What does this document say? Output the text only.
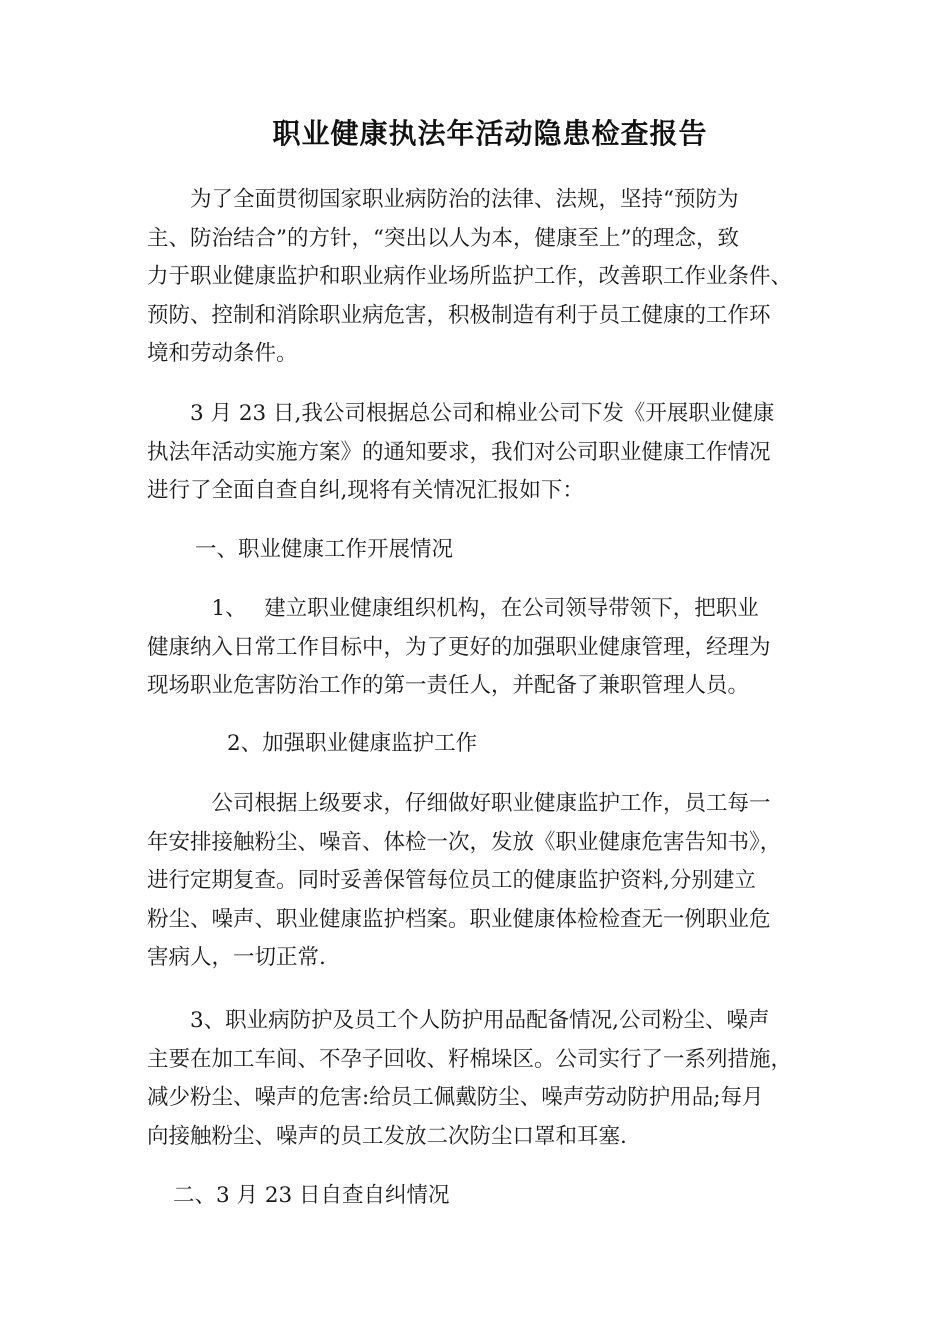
职业健康执法年活动隐患检查报告

　　为了全面贯彻国家职业病防治的法律、法规，坚持“预防为
主、防治结合”的方针，“突出以人为本，健康至上”的理念，致
力于职业健康监护和职业病作业场所监护工作，改善职工作业条件、
预防、控制和消除职业病危害，积极制造有利于员工健康的工作环
境和劳动条件。

　　3 月 23 日,我公司根据总公司和棉业公司下发《开展职业健康
执法年活动实施方案》的通知要求，我们对公司职业健康工作情况
进行了全面自查自纠,现将有关情况汇报如下：

一、职业健康工作开展情况

　　　1、　 建立职业健康组织机构，在公司领导带领下，把职业
健康纳入日常工作目标中，为了更好的加强职业健康管理，经理为
现场职业危害防治工作的第一责任人，并配备了兼职管理人员。

2、加强职业健康监护工作

　　　公司根据上级要求，仔细做好职业健康监护工作，员工每一
年安排接触粉尘、噪音、体检一次，发放《职业健康危害告知书》，
进行定期复查。同时妥善保管每位员工的健康监护资料,分别建立
粉尘、噪声、职业健康监护档案。职业健康体检检查无一例职业危
害病人，一切正常.

　　3、职业病防护及员工个人防护用品配备情况,公司粉尘、噪声
主要在加工车间、不孕子回收、籽棉垛区。公司实行了一系列措施，
减少粉尘、噪声的危害:给员工佩戴防尘、噪声劳动防护用品;每月
向接触粉尘、噪声的员工发放二次防尘口罩和耳塞.

二、3 月 23 日自查自纠情况
